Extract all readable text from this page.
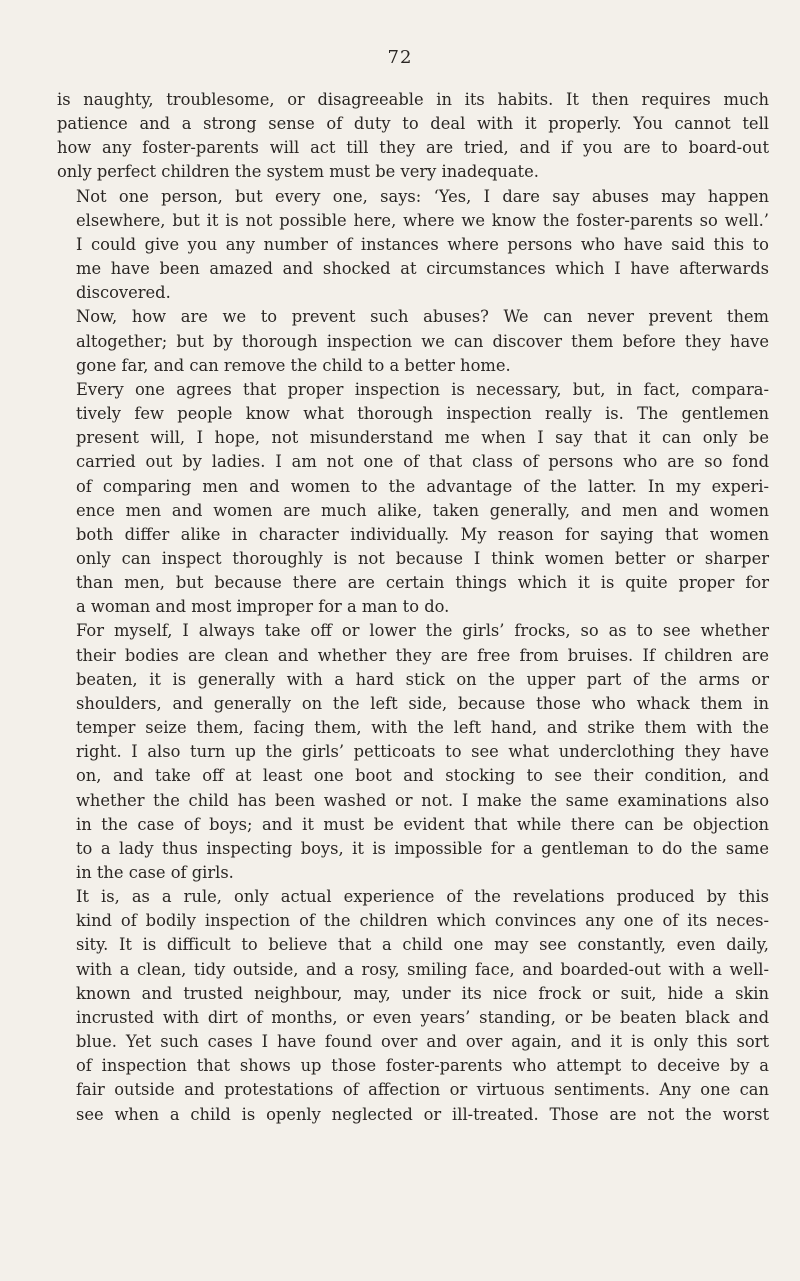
72
is naughty, troublesome, or disagreeable in its habits. It then requires much
patience and a strong sense of duty to deal with it properly. You cannot tell
how any foster-parents will act till they are tried, and if you are to board-out
only perfect children the system must be very inadequate.
Not one person, but every one, says: ‘Yes, I dare say abuses may happen
elsewhere, but it is not possible here, where we know the foster-parents so well.’
I could give you any number of instances where persons who have said this to
me have been amazed and shocked at circumstances which I have afterwards
discovered.
Now, how are we to prevent such abuses? We can never prevent them
altogether; but by thorough inspection we can discover them before they have
gone far, and can remove the child to a better home.
Every one agrees that proper inspection is necessary, but, in fact, compara-
tively few people know what thorough inspection really is. The gentlemen
present will, I hope, not misunderstand me when I say that it can only be
carried out by ladies. I am not one of that class of persons who are so fond
of comparing men and women to the advantage of the latter. In my experi-
ence men and women are much alike, taken generally, and men and women
both differ alike in character individually. My reason for saying that women
only can inspect thoroughly is not because I think women better or sharper
than men, but because there are certain things which it is quite proper for
a woman and most improper for a man to do.
For myself, I always take off or lower the girls’ frocks, so as to see whether
their bodies are clean and whether they are free from bruises. If children are
beaten, it is generally with a hard stick on the upper part of the arms or
shoulders, and generally on the left side, because those who whack them in
temper seize them, facing them, with the left hand, and strike them with the
right. I also turn up the girls’ petticoats to see what underclothing they have
on, and take off at least one boot and stocking to see their condition, and
whether the child has been washed or not. I make the same examinations also
in the case of boys; and it must be evident that while there can be objection
to a lady thus inspecting boys, it is impossible for a gentleman to do the same
in the case of girls.
It is, as a rule, only actual experience of the revelations produced by this
kind of bodily inspection of the children which convinces any one of its neces-
sity. It is difficult to believe that a child one may see constantly, even daily,
with a clean, tidy outside, and a rosy, smiling face, and boarded-out with a well-
known and trusted neighbour, may, under its nice frock or suit, hide a skin
incrusted with dirt of months, or even years’ standing, or be beaten black and
blue. Yet such cases I have found over and over again, and it is only this sort
of inspection that shows up those foster-parents who attempt to deceive by a
fair outside and protestations of affection or virtuous sentiments. Any one can
see when a child is openly neglected or ill-treated. Those are not the worst
